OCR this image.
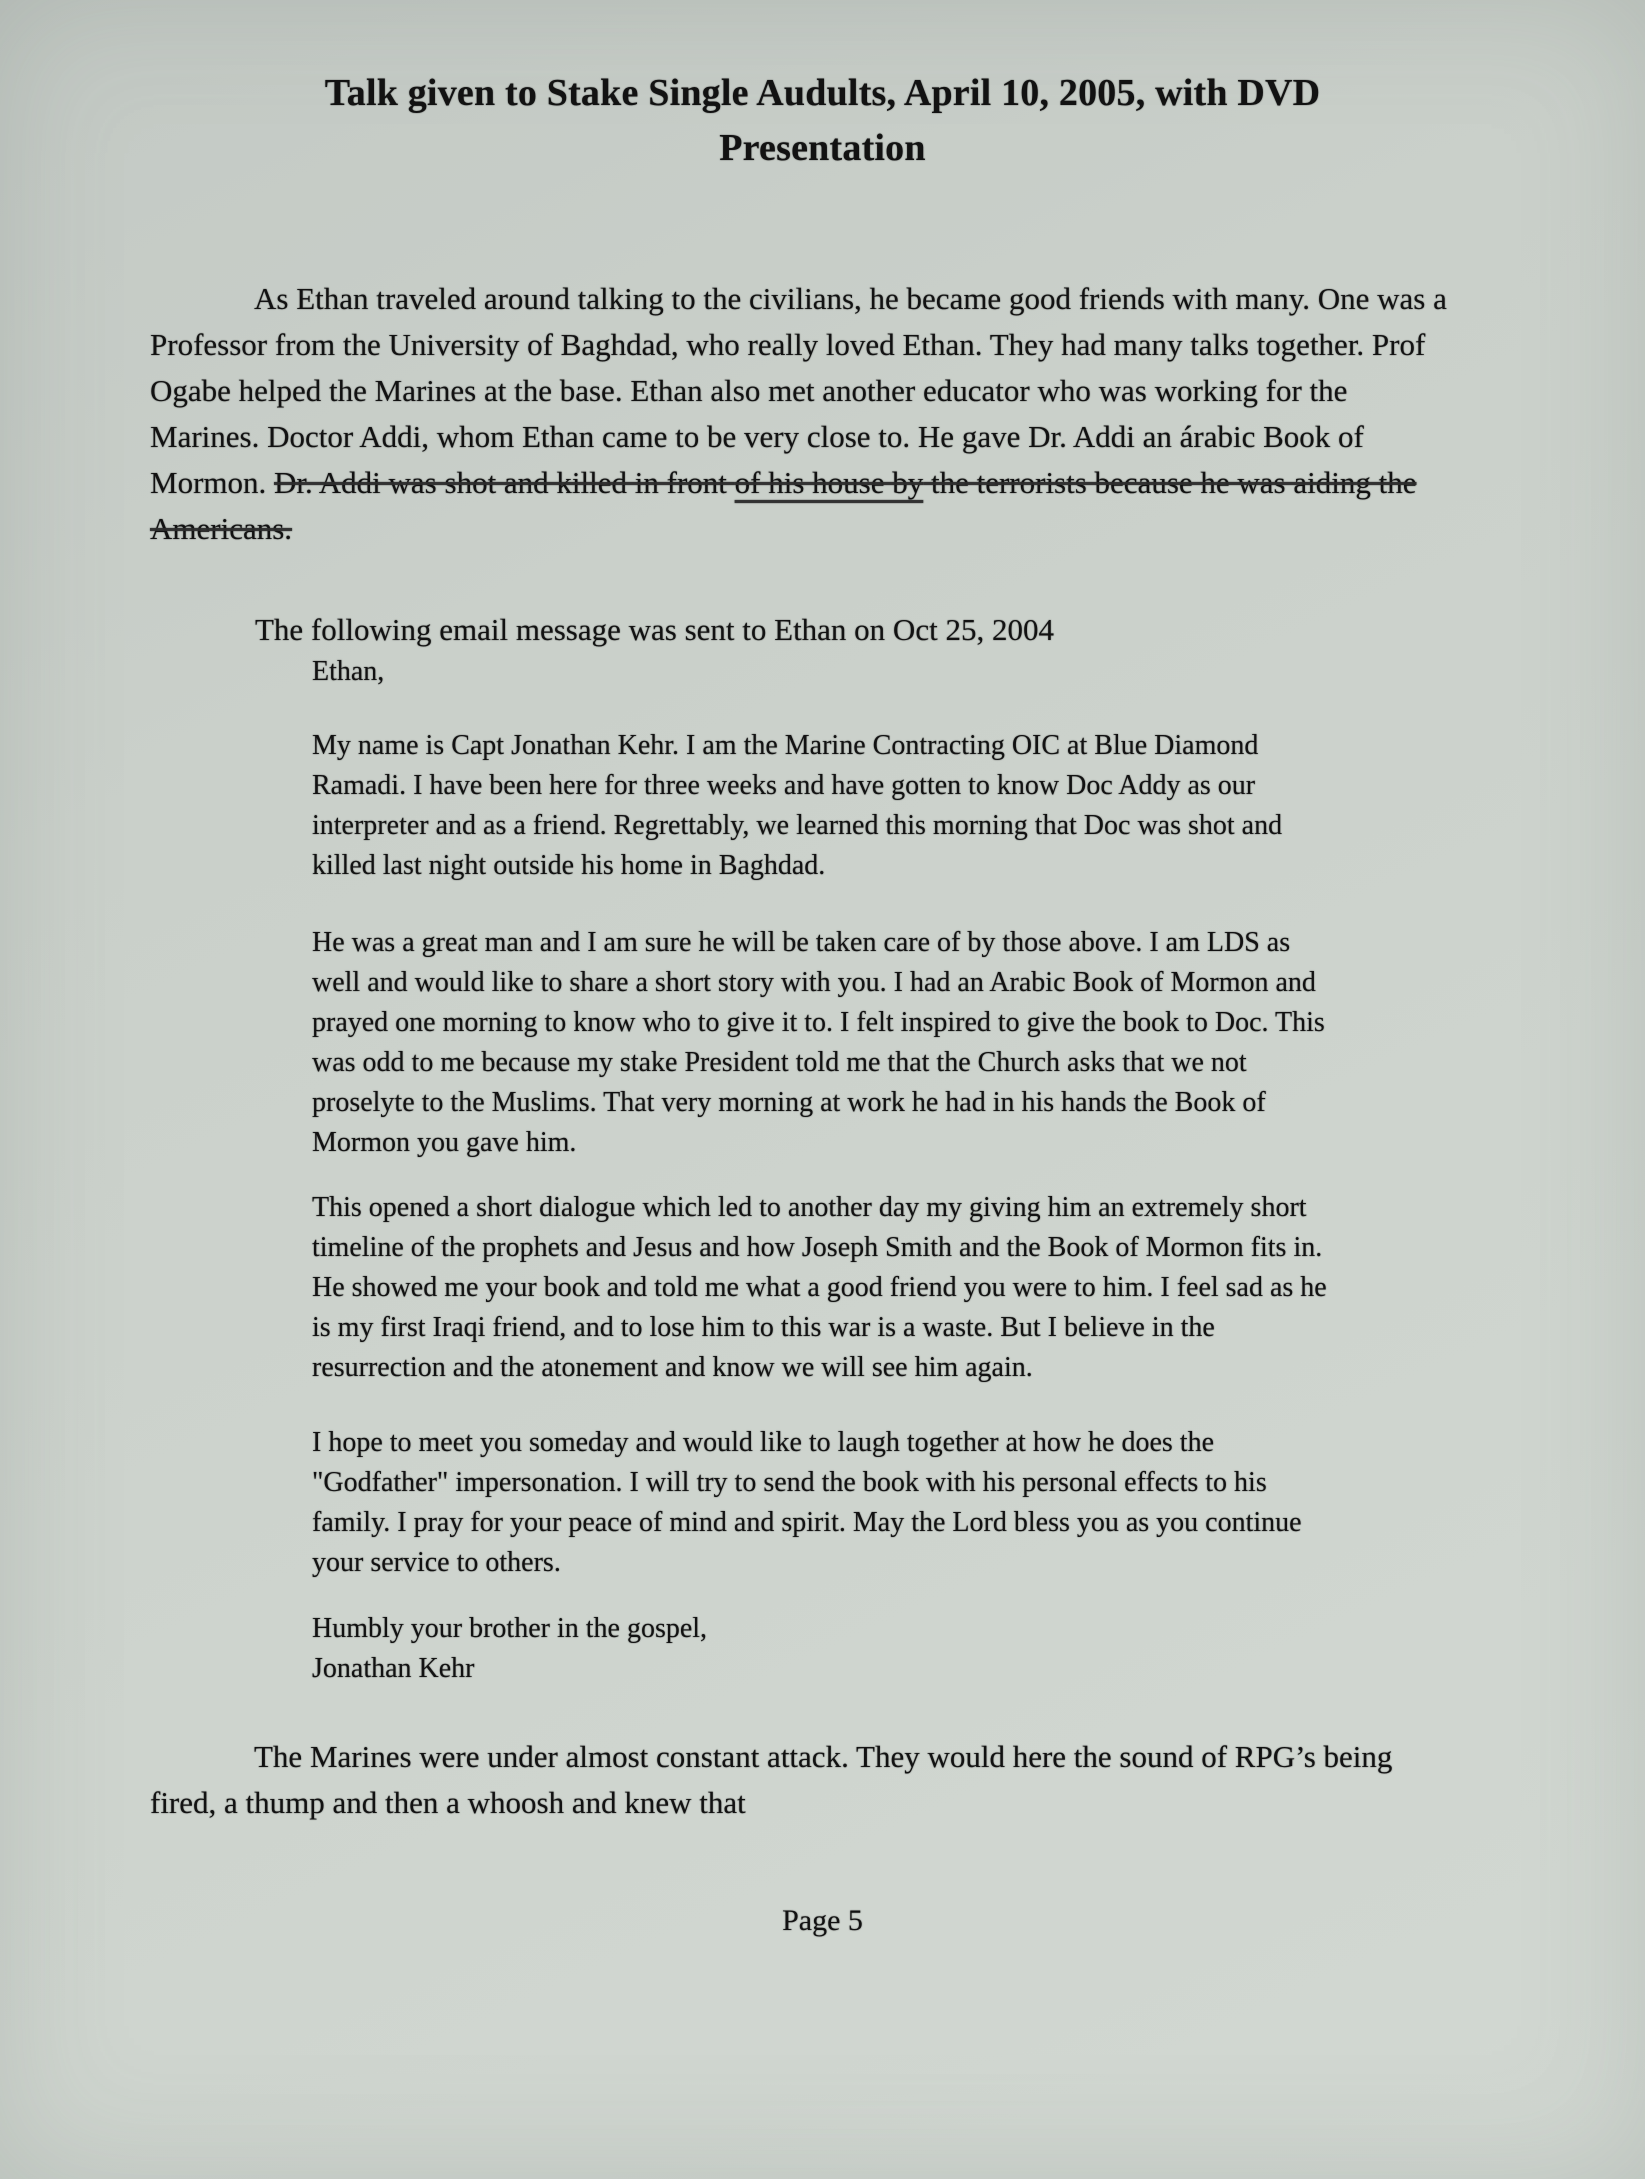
Talk given to Stake Single Audults, April 10, 2005, with DVD
Presentation

As Ethan traveled around talking to the civilians, he became good friends with many. One was a Professor from the University of Baghdad, who really loved Ethan. They had many talks together. Prof Ogabe helped the Marines at the base. Ethan also met another educator who was working for the Marines. Doctor Addi, whom Ethan came to be very close to. He gave Dr. Addi an árabic Book of Mormon. Dr. Addi was shot and killed in front of his house by the terrorists because he was aiding the Americans.

The following email message was sent to Ethan on Oct 25, 2004

Ethan,

My name is Capt Jonathan Kehr. I am the Marine Contracting OIC at Blue Diamond Ramadi. I have been here for three weeks and have gotten to know Doc Addy as our interpreter and as a friend. Regrettably, we learned this morning that Doc was shot and killed last night outside his home in Baghdad.

He was a great man and I am sure he will be taken care of by those above. I am LDS as well and would like to share a short story with you. I had an Arabic Book of Mormon and prayed one morning to know who to give it to. I felt inspired to give the book to Doc. This was odd to me because my stake President told me that the Church asks that we not proselyte to the Muslims. That very morning at work he had in his hands the Book of Mormon you gave him.

This opened a short dialogue which led to another day my giving him an extremely short timeline of the prophets and Jesus and how Joseph Smith and the Book of Mormon fits in. He showed me your book and told me what a good friend you were to him. I feel sad as he is my first Iraqi friend, and to lose him to this war is a waste. But I believe in the resurrection and the atonement and know we will see him again.

I hope to meet you someday and would like to laugh together at how he does the "Godfather" impersonation. I will try to send the book with his personal effects to his family. I pray for your peace of mind and spirit. May the Lord bless you as you continue your service to others.

Humbly your brother in the gospel,

Jonathan Kehr

The Marines were under almost constant attack. They would here the sound of RPG’s being fired, a thump and then a whoosh and knew that

Page 5
